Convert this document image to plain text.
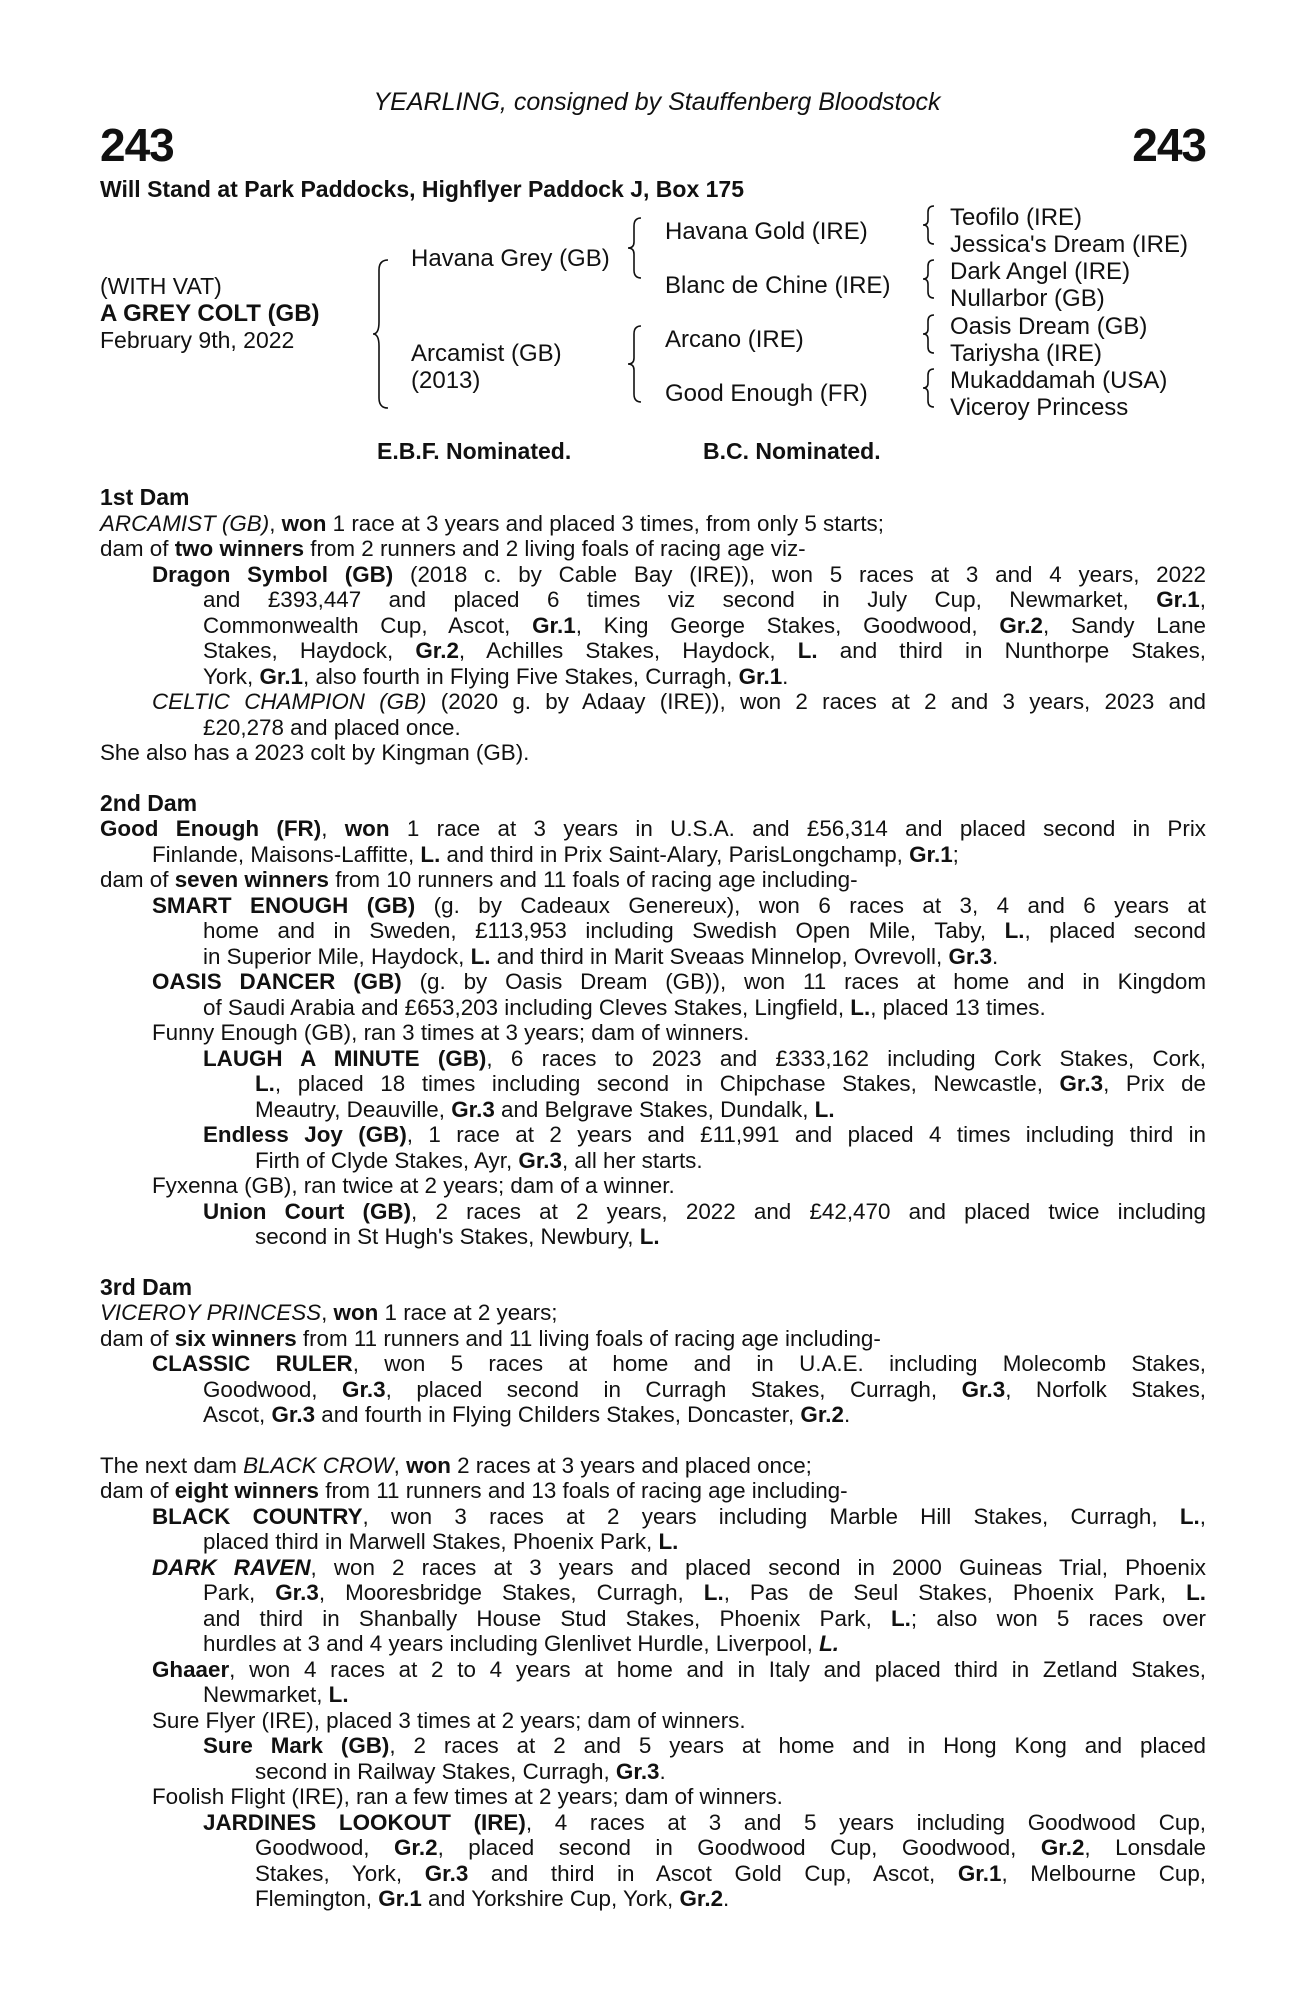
243
YEARLING, consigned by Stauffenberg Bloodstock
243
Will Stand at Park Paddocks, Highflyer Paddock J, Box 175
(WITH VAT)
A GREY COLT (GB)
February 9th, 2022
Havana Grey (GB)
Arcamist (GB)
(2013)
Havana Gold (IRE)
Blanc de Chine (IRE)
Arcano (IRE)
Good Enough (FR)
Teofilo (IRE)
Jessica's Dream (IRE)
Dark Angel (IRE)
Nullarbor (GB)
Oasis Dream (GB)
Tariysha (IRE)
Mukaddamah (USA)
Viceroy Princess
E.B.F. Nominated.	B.C. Nominated.
1st Dam
ARCAMIST (GB), won 1 race at 3 years and placed 3 times, from only 5 starts;
dam of two winners from 2 runners and 2 living foals of racing age viz-
Dragon Symbol (GB) (2018 c. by Cable Bay (IRE)), won 5 races at 3 and 4 years, 2022
and £393,447 and placed 6 times viz second in July Cup, Newmarket, Gr.1,
Commonwealth Cup, Ascot, Gr.1, King George Stakes, Goodwood, Gr.2, Sandy Lane
Stakes, Haydock, Gr.2, Achilles Stakes, Haydock, L. and third in Nunthorpe Stakes,
York, Gr.1, also fourth in Flying Five Stakes, Curragh, Gr.1.
CELTIC CHAMPION (GB) (2020 g. by Adaay (IRE)), won 2 races at 2 and 3 years, 2023 and
£20,278 and placed once.
She also has a 2023 colt by Kingman (GB).
2nd Dam
Good Enough (FR), won 1 race at 3 years in U.S.A. and £56,314 and placed second in Prix
Finlande, Maisons-Laffitte, L. and third in Prix Saint-Alary, ParisLongchamp, Gr.1;
dam of seven winners from 10 runners and 11 foals of racing age including-
SMART ENOUGH (GB) (g. by Cadeaux Genereux), won 6 races at 3, 4 and 6 years at
home and in Sweden, £113,953 including Swedish Open Mile, Taby, L., placed second
in Superior Mile, Haydock, L. and third in Marit Sveaas Minnelop, Ovrevoll, Gr.3.
OASIS DANCER (GB) (g. by Oasis Dream (GB)), won 11 races at home and in Kingdom
of Saudi Arabia and £653,203 including Cleves Stakes, Lingfield, L., placed 13 times.
Funny Enough (GB), ran 3 times at 3 years; dam of winners.
LAUGH A MINUTE (GB), 6 races to 2023 and £333,162 including Cork Stakes, Cork,
L., placed 18 times including second in Chipchase Stakes, Newcastle, Gr.3, Prix de
Meautry, Deauville, Gr.3 and Belgrave Stakes, Dundalk, L.
Endless Joy (GB), 1 race at 2 years and £11,991 and placed 4 times including third in
Firth of Clyde Stakes, Ayr, Gr.3, all her starts.
Fyxenna (GB), ran twice at 2 years; dam of a winner.
Union Court (GB), 2 races at 2 years, 2022 and £42,470 and placed twice including
second in St Hugh's Stakes, Newbury, L.
3rd Dam
VICEROY PRINCESS, won 1 race at 2 years;
dam of six winners from 11 runners and 11 living foals of racing age including-
CLASSIC RULER, won 5 races at home and in U.A.E. including Molecomb Stakes,
Goodwood, Gr.3, placed second in Curragh Stakes, Curragh, Gr.3, Norfolk Stakes,
Ascot, Gr.3 and fourth in Flying Childers Stakes, Doncaster, Gr.2.
The next dam BLACK CROW, won 2 races at 3 years and placed once;
dam of eight winners from 11 runners and 13 foals of racing age including-
BLACK COUNTRY, won 3 races at 2 years including Marble Hill Stakes, Curragh, L.,
placed third in Marwell Stakes, Phoenix Park, L.
DARK RAVEN, won 2 races at 3 years and placed second in 2000 Guineas Trial, Phoenix
Park, Gr.3, Mooresbridge Stakes, Curragh, L., Pas de Seul Stakes, Phoenix Park, L.
and third in Shanbally House Stud Stakes, Phoenix Park, L.; also won 5 races over
hurdles at 3 and 4 years including Glenlivet Hurdle, Liverpool, L.
Ghaaer, won 4 races at 2 to 4 years at home and in Italy and placed third in Zetland Stakes,
Newmarket, L.
Sure Flyer (IRE), placed 3 times at 2 years; dam of winners.
Sure Mark (GB), 2 races at 2 and 5 years at home and in Hong Kong and placed
second in Railway Stakes, Curragh, Gr.3.
Foolish Flight (IRE), ran a few times at 2 years; dam of winners.
JARDINES LOOKOUT (IRE), 4 races at 3 and 5 years including Goodwood Cup,
Goodwood, Gr.2, placed second in Goodwood Cup, Goodwood, Gr.2, Lonsdale
Stakes, York, Gr.3 and third in Ascot Gold Cup, Ascot, Gr.1, Melbourne Cup,
Flemington, Gr.1 and Yorkshire Cup, York, Gr.2.
